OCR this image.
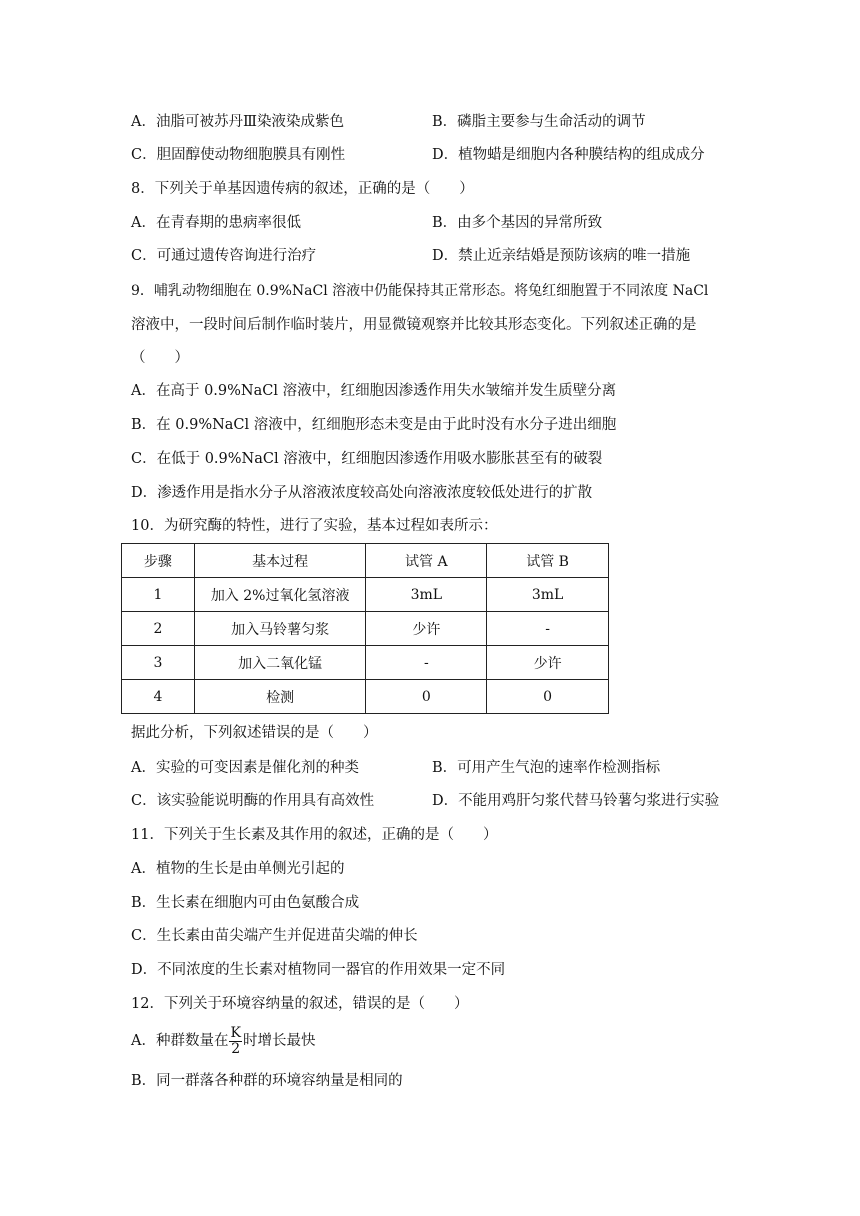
A．油脂可被苏丹Ⅲ染液染成紫色	B．磷脂主要参与生命活动的调节
C．胆固醇使动物细胞膜具有刚性	D．植物蜡是细胞内各种膜结构的组成成分
8．下列关于单基因遗传病的叙述，正确的是（　　）
A．在青春期的患病率很低	B．由多个基因的异常所致
C．可通过遗传咨询进行治疗	D．禁止近亲结婚是预防该病的唯一措施
9．哺乳动物细胞在 0.9%NaCl 溶液中仍能保持其正常形态。将兔红细胞置于不同浓度 NaCl
溶液中，一段时间后制作临时装片，用显微镜观察并比较其形态变化。下列叙述正确的是
（　　）
A．在高于 0.9%NaCl 溶液中，红细胞因渗透作用失水皱缩并发生质壁分离
B．在 0.9%NaCl 溶液中，红细胞形态未变是由于此时没有水分子进出细胞
C．在低于 0.9%NaCl 溶液中，红细胞因渗透作用吸水膨胀甚至有的破裂
D．渗透作用是指水分子从溶液浓度较高处向溶液浓度较低处进行的扩散
10．为研究酶的特性，进行了实验，基本过程如表所示：
步骤	基本过程	试管 A	试管 B
1	加入 2%过氧化氢溶液	3mL	3mL
2	加入马铃薯匀浆	少许	-
3	加入二氧化锰	-	少许
4	检测	0	0
据此分析，下列叙述错误的是（　　）
A．实验的可变因素是催化剂的种类	B．可用产生气泡的速率作检测指标
C．该实验能说明酶的作用具有高效性	D．不能用鸡肝匀浆代替马铃薯匀浆进行实验
11．下列关于生长素及其作用的叙述，正确的是（　　）
A．植物的生长是由单侧光引起的
B．生长素在细胞内可由色氨酸合成
C．生长素由苗尖端产生并促进苗尖端的伸长
D．不同浓度的生长素对植物同一器官的作用效果一定不同
12．下列关于环境容纳量的叙述，错误的是（　　）
A．种群数量在 $\frac{K}{2}$ 时增长最快
B．同一群落各种群的环境容纳量是相同的
